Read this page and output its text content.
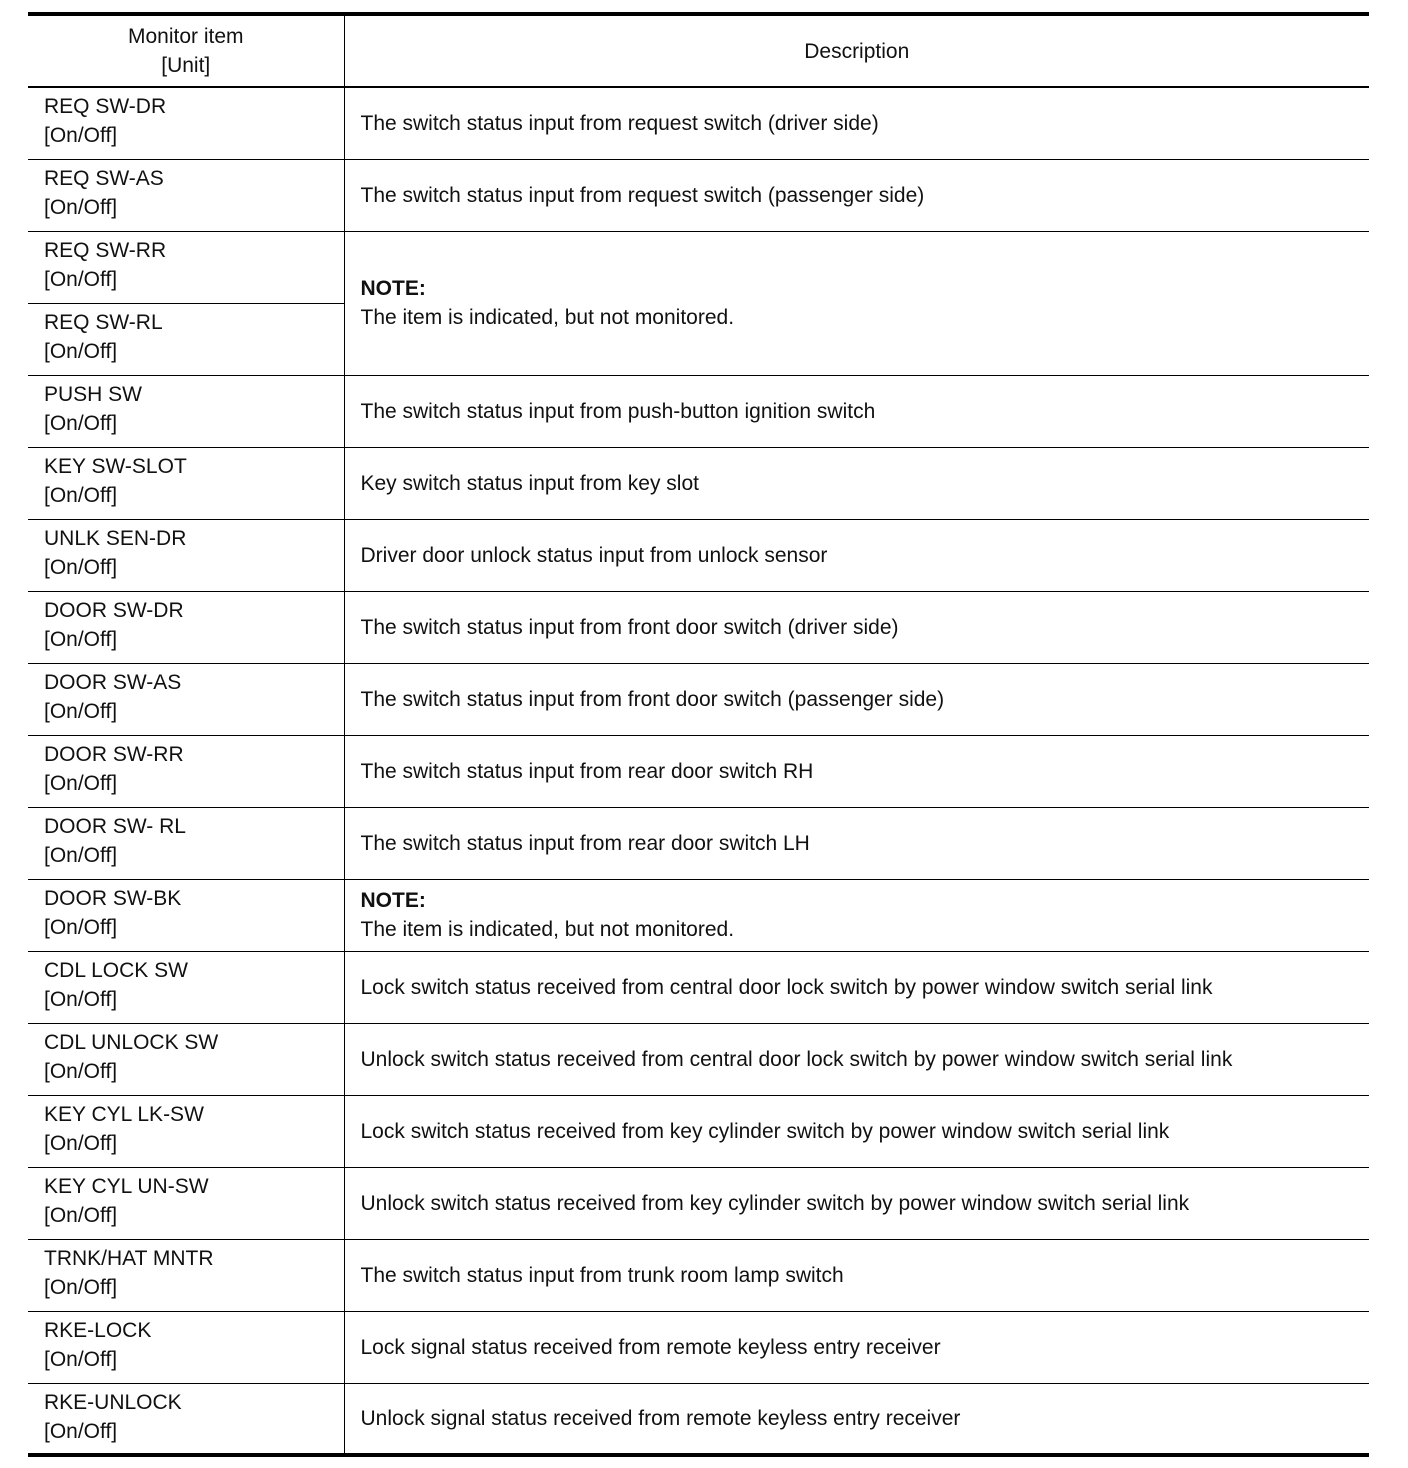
Monitor item
[Unit]	Description

REQ SW-DR
[On/Off]	The switch status input from request switch (driver side)

REQ SW-AS
[On/Off]	The switch status input from request switch (passenger side)

REQ SW-RR
[On/Off]	NOTE:
The item is indicated, but not monitored.

REQ SW-RL
[On/Off]	

PUSH SW
[On/Off]	The switch status input from push-button ignition switch

KEY SW-SLOT
[On/Off]	Key switch status input from key slot

UNLK SEN-DR
[On/Off]	Driver door unlock status input from unlock sensor

DOOR SW-DR
[On/Off]	The switch status input from front door switch (driver side)

DOOR SW-AS
[On/Off]	The switch status input from front door switch (passenger side)

DOOR SW-RR
[On/Off]	The switch status input from rear door switch RH

DOOR SW- RL
[On/Off]	The switch status input from rear door switch LH

DOOR SW-BK
[On/Off]	NOTE:
The item is indicated, but not monitored.

CDL LOCK SW
[On/Off]	Lock switch status received from central door lock switch by power window switch serial link

CDL UNLOCK SW
[On/Off]	Unlock switch status received from central door lock switch by power window switch serial link

KEY CYL LK-SW
[On/Off]	Lock switch status received from key cylinder switch by power window switch serial link

KEY CYL UN-SW
[On/Off]	Unlock switch status received from key cylinder switch by power window switch serial link

TRNK/HAT MNTR
[On/Off]	The switch status input from trunk room lamp switch

RKE-LOCK
[On/Off]	Lock signal status received from remote keyless entry receiver

RKE-UNLOCK
[On/Off]	Unlock signal status received from remote keyless entry receiver
